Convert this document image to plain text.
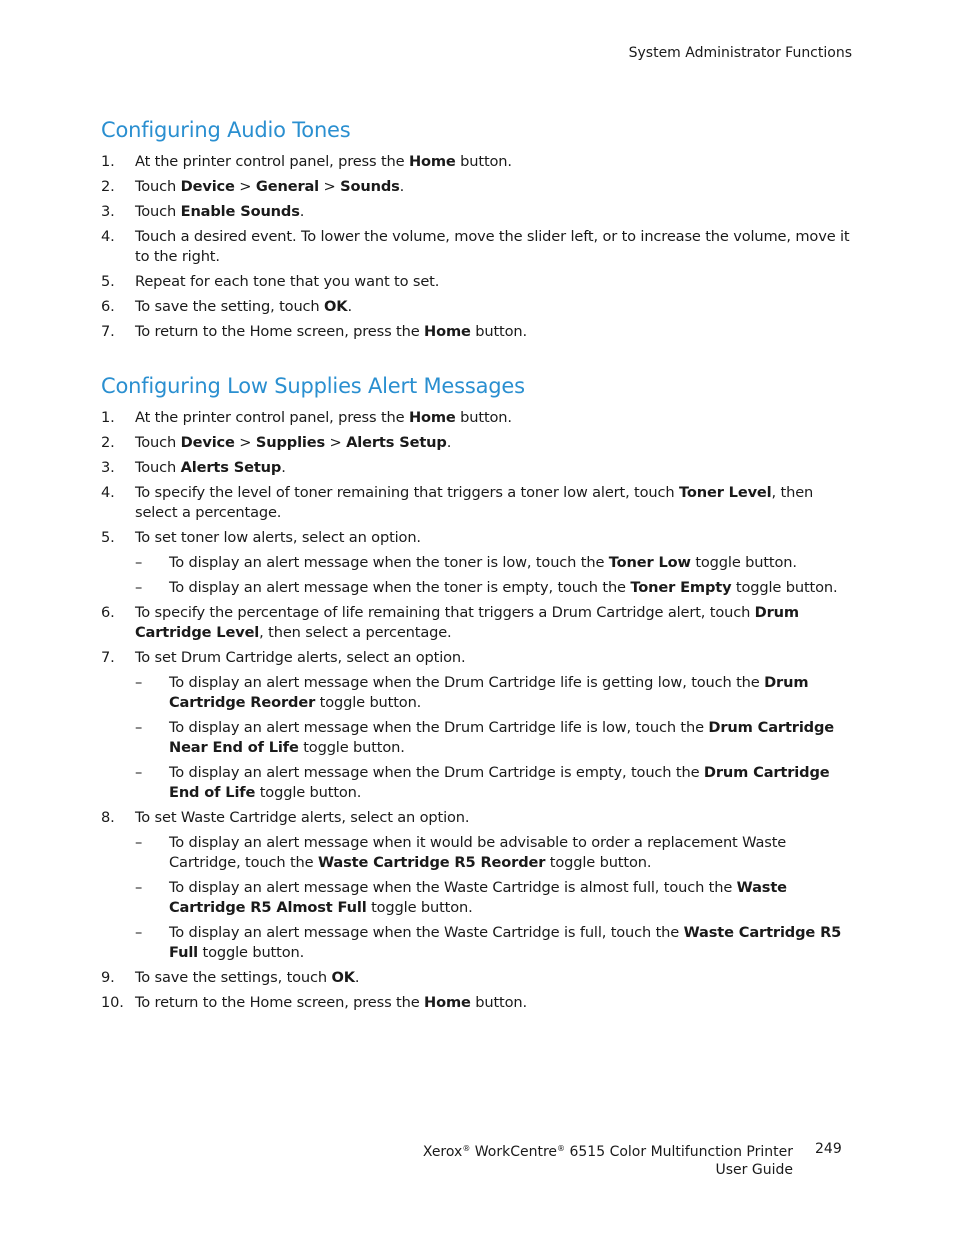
System Administrator Functions
Configuring Audio Tones
1. At the printer control panel, press the Home button.
2. Touch Device > General > Sounds.
3. Touch Enable Sounds.
4. Touch a desired event. To lower the volume, move the slider left, or to increase the volume, move it to the right.
5. Repeat for each tone that you want to set.
6. To save the setting, touch OK.
7. To return to the Home screen, press the Home button.
Configuring Low Supplies Alert Messages
1. At the printer control panel, press the Home button.
2. Touch Device > Supplies > Alerts Setup.
3. Touch Alerts Setup.
4. To specify the level of toner remaining that triggers a toner low alert, touch Toner Level, then select a percentage.
5. To set toner low alerts, select an option.
– To display an alert message when the toner is low, touch the Toner Low toggle button.
– To display an alert message when the toner is empty, touch the Toner Empty toggle button.
6. To specify the percentage of life remaining that triggers a Drum Cartridge alert, touch Drum Cartridge Level, then select a percentage.
7. To set Drum Cartridge alerts, select an option.
– To display an alert message when the Drum Cartridge life is getting low, touch the Drum Cartridge Reorder toggle button.
– To display an alert message when the Drum Cartridge life is low, touch the Drum Cartridge Near End of Life toggle button.
– To display an alert message when the Drum Cartridge is empty, touch the Drum Cartridge End of Life toggle button.
8. To set Waste Cartridge alerts, select an option.
– To display an alert message when it would be advisable to order a replacement Waste Cartridge, touch the Waste Cartridge R5 Reorder toggle button.
– To display an alert message when the Waste Cartridge is almost full, touch the Waste Cartridge R5 Almost Full toggle button.
– To display an alert message when the Waste Cartridge is full, touch the Waste Cartridge R5 Full toggle button.
9. To save the settings, touch OK.
10. To return to the Home screen, press the Home button.
Xerox® WorkCentre® 6515 Color Multifunction Printer
User Guide
249
